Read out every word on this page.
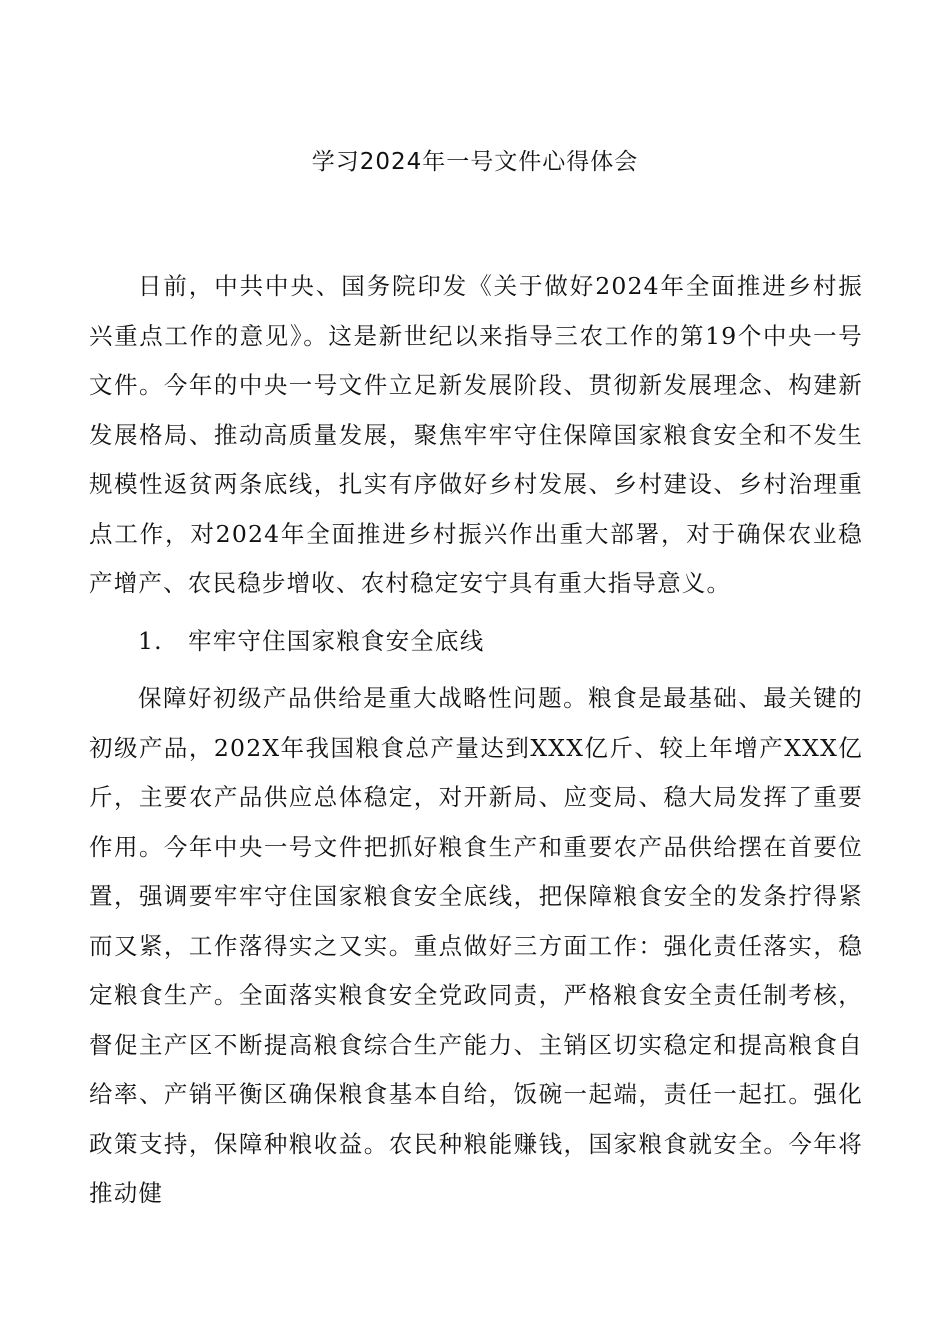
学习2024年一号文件心得体会

日前，中共中央、国务院印发《关于做好2024年全面推进乡村振兴重点工作的意见》。这是新世纪以来指导三农工作的第19个中央一号文件。今年的中央一号文件立足新发展阶段、贯彻新发展理念、构建新发展格局、推动高质量发展，聚焦牢牢守住保障国家粮食安全和不发生规模性返贫两条底线，扎实有序做好乡村发展、乡村建设、乡村治理重点工作，对2024年全面推进乡村振兴作出重大部署，对于确保农业稳产增产、农民稳步增收、农村稳定安宁具有重大指导意义。

1. 牢牢守住国家粮食安全底线

保障好初级产品供给是重大战略性问题。粮食是最基础、最关键的初级产品，202X年我国粮食总产量达到XXX亿斤、较上年增产XXX亿斤，主要农产品供应总体稳定，对开新局、应变局、稳大局发挥了重要作用。今年中央一号文件把抓好粮食生产和重要农产品供给摆在首要位置，强调要牢牢守住国家粮食安全底线，把保障粮食安全的发条拧得紧而又紧，工作落得实之又实。重点做好三方面工作：强化责任落实，稳定粮食生产。全面落实粮食安全党政同责，严格粮食安全责任制考核，督促主产区不断提高粮食综合生产能力、主销区切实稳定和提高粮食自给率、产销平衡区确保粮食基本自给，饭碗一起端，责任一起扛。强化政策支持，保障种粮收益。农民种粮能赚钱，国家粮食就安全。今年将推动健
